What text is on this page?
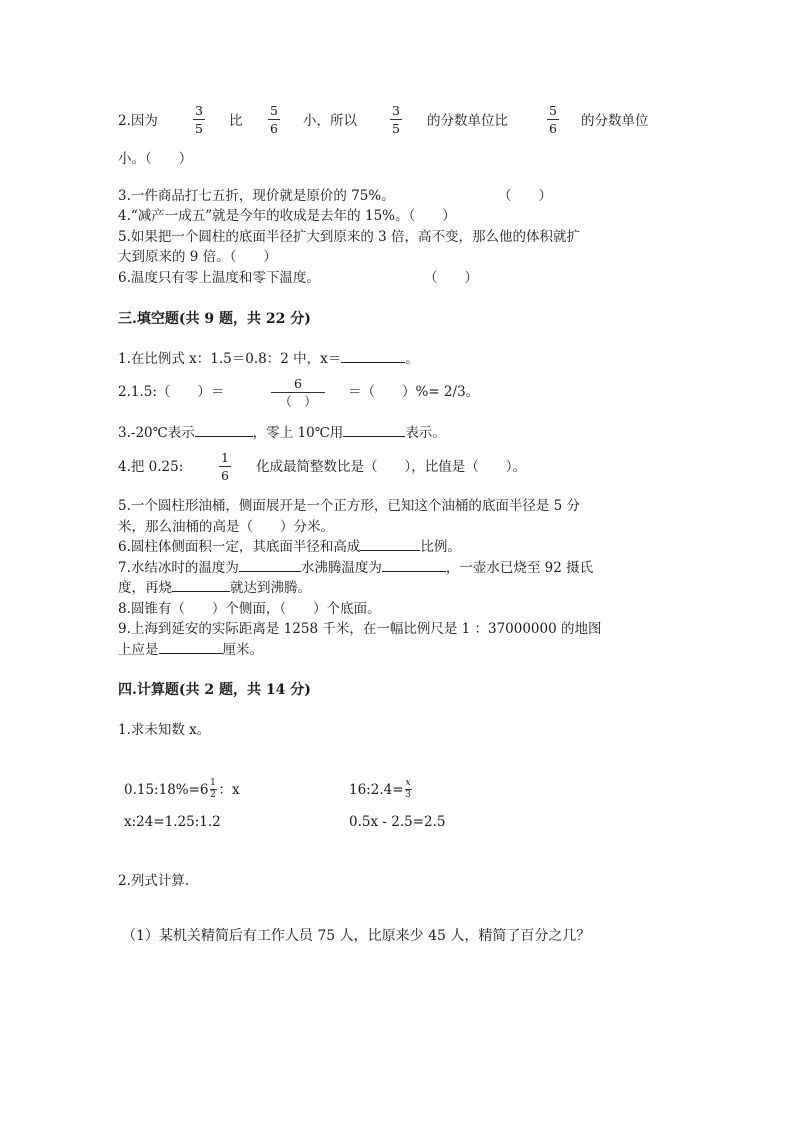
2.因为
3
5 比
5
6 小，所以
3
5 的分数单位比
5
6 的分数单位
小。（　　）
3.一件商品打七五折，现价就是原价的 75%。	（　　）
4.“减产一成五”就是今年的收成是去年的 15%。（　　）
5.如果把一个圆柱的底面半径扩大到原来的 3 倍，高不变，那么他的体积就扩
大到原来的 9 倍。（　　）
6.温度只有零上温度和零下温度。	（　　）
三.填空题(共 9 题，共 22 分)
1.在比例式 x：1.5＝0.8：2 中，x＝	。
2.1.5:（　　）＝
6
（　）
＝（　　）%= 2/3。
3.-20℃表示	，零上 10℃用	表示。
4.把 0.25:
1
6
化成最简整数比是（　　），比值是（　　）。
5.一个圆柱形油桶，侧面展开是一个正方形，已知这个油桶的底面半径是 5 分
米，那么油桶的高是（　　）分米。
6.圆柱体侧面积一定，其底面半径和高成	比例。
7.水结冰时的温度为	水沸腾温度为	，一壶水已烧至 92 摄氏
度，再烧	就达到沸腾。
8.圆锥有（　　）个侧面，（　　）个底面。
9.上海到延安的实际距离是 1258 千米，在一幅比例尺是 1 ：37000000 的地图
上应是	厘米。
四.计算题(共 2 题，共 14 分)
1.求未知数 x。
0.15:18%=6 $\frac{1}{2}$ ：x	16:2.4= $\frac{x}{3}$
x:24=1.25:1.2	0.5x - 2.5=2.5
2.列式计算.
（1）某机关精简后有工作人员 75 人，比原来少 45 人，精简了百分之几？
